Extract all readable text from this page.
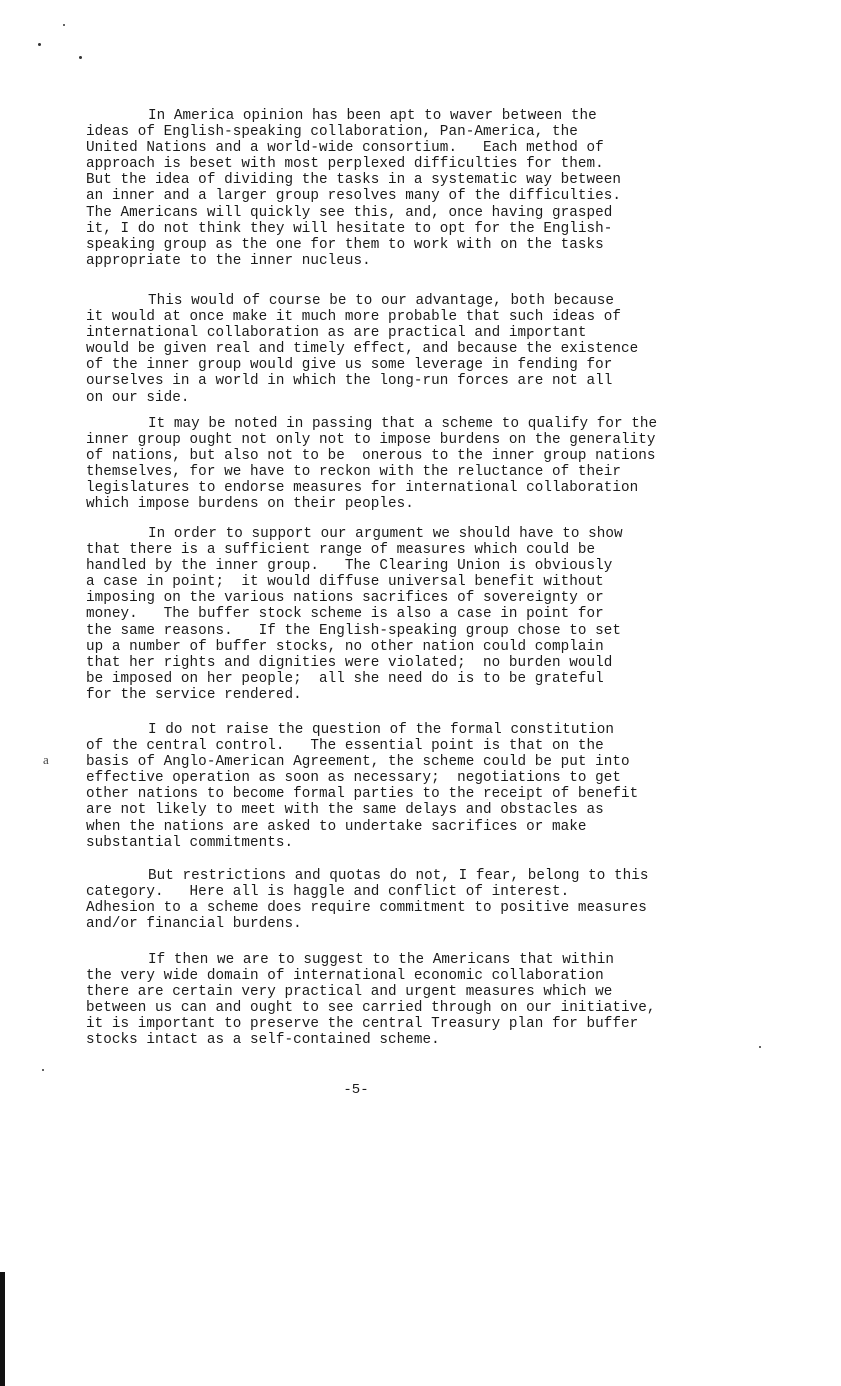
In America opinion has been apt to waver between the
ideas of English-speaking collaboration, Pan-America, the
United Nations and a world-wide consortium.   Each method of
approach is beset with most perplexed difficulties for them.
But the idea of dividing the tasks in a systematic way between
an inner and a larger group resolves many of the difficulties.
The Americans will quickly see this, and, once having grasped
it, I do not think they will hesitate to opt for the English-
speaking group as the one for them to work with on the tasks
appropriate to the inner nucleus.
This would of course be to our advantage, both because
it would at once make it much more probable that such ideas of
international collaboration as are practical and important
would be given real and timely effect, and because the existence
of the inner group would give us some leverage in fending for
ourselves in a world in which the long-run forces are not all
on our side.
It may be noted in passing that a scheme to qualify for the
inner group ought not only not to impose burdens on the generality
of nations, but also not to be  onerous to the inner group nations
themselves, for we have to reckon with the reluctance of their
legislatures to endorse measures for international collaboration
which impose burdens on their peoples.
In order to support our argument we should have to show
that there is a sufficient range of measures which could be
handled by the inner group.   The Clearing Union is obviously
a case in point;  it would diffuse universal benefit without
imposing on the various nations sacrifices of sovereignty or
money.   The buffer stock scheme is also a case in point for
the same reasons.   If the English-speaking group chose to set
up a number of buffer stocks, no other nation could complain
that her rights and dignities were violated;  no burden would
be imposed on her people;  all she need do is to be grateful
for the service rendered.
I do not raise the question of the formal constitution
of the central control.   The essential point is that on the
basis of Anglo-American Agreement, the scheme could be put into
effective operation as soon as necessary;  negotiations to get
other nations to become formal parties to the receipt of benefit
are not likely to meet with the same delays and obstacles as
when the nations are asked to undertake sacrifices or make
substantial commitments.
a
But restrictions and quotas do not, I fear, belong to this
category.   Here all is haggle and conflict of interest.
Adhesion to a scheme does require commitment to positive measures
and/or financial burdens.
If then we are to suggest to the Americans that within
the very wide domain of international economic collaboration
there are certain very practical and urgent measures which we
between us can and ought to see carried through on our initiative,
it is important to preserve the central Treasury plan for buffer
stocks intact as a self-contained scheme.
-5-
